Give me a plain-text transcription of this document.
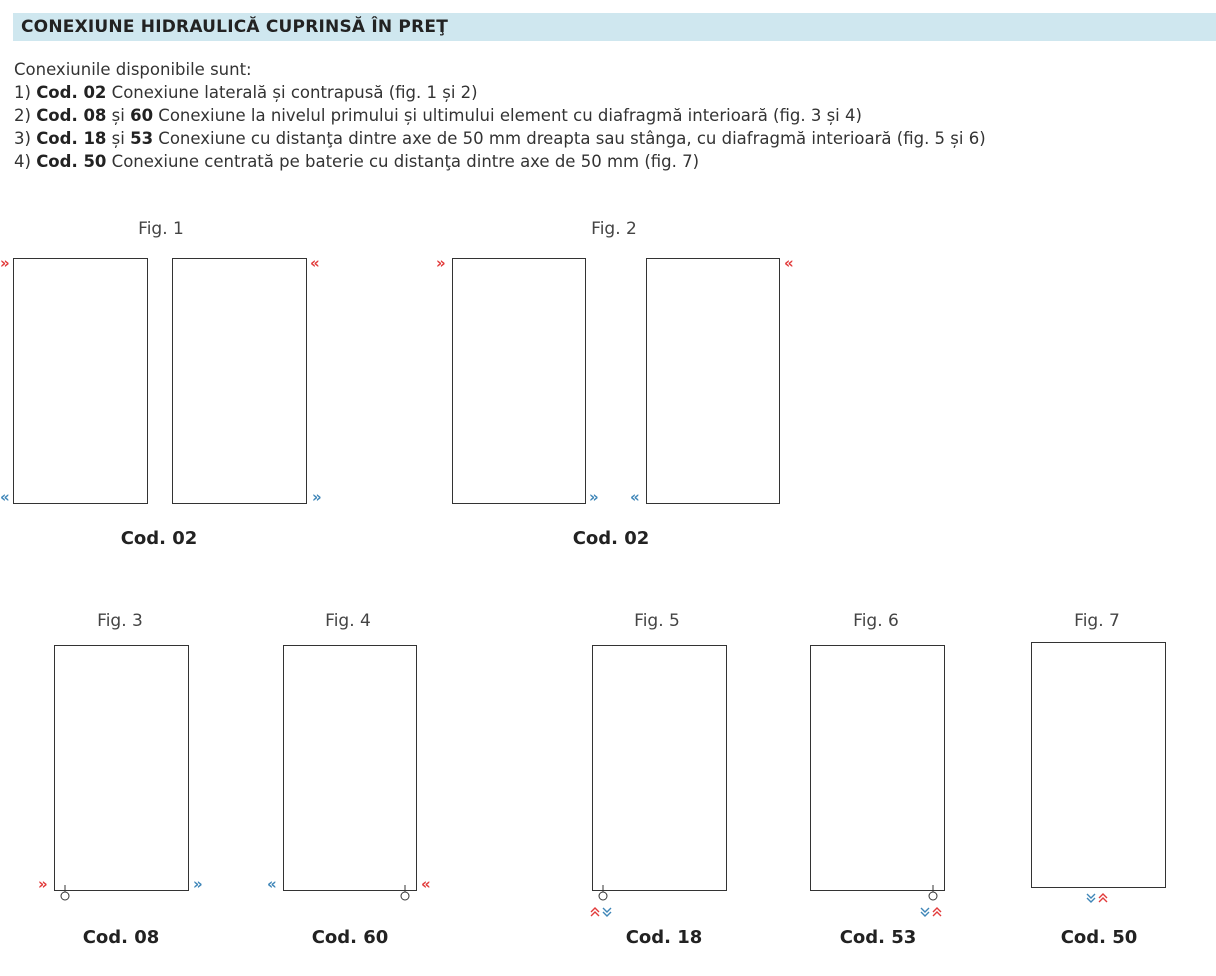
CONEXIUNE HIDRAULICĂ CUPRINSĂ ÎN PREŢ
Conexiunile disponibile sunt:
1) Cod. 02 Conexiune laterală și contrapusă (fig. 1 și 2)
2) Cod. 08 și 60 Conexiune la nivelul primului și ultimului element cu diafragmă interioară (fig. 3 și 4)
3) Cod. 18 și 53 Conexiune cu distanţa dintre axe de 50 mm dreapta sau stânga, cu diafragmă interioară (fig. 5 și 6)
4) Cod. 50 Conexiune centrată pe baterie cu distanţa dintre axe de 50 mm (fig. 7)
Fig. 1
»
«
«
»
Cod. 02
Fig. 2
»
»
«
«
Cod. 02
Fig. 3
»	»
Cod. 08
Fig. 4
«	«
Cod. 60
Fig. 5
Cod. 18
Fig. 6
Cod. 53
Fig. 7
Cod. 50
